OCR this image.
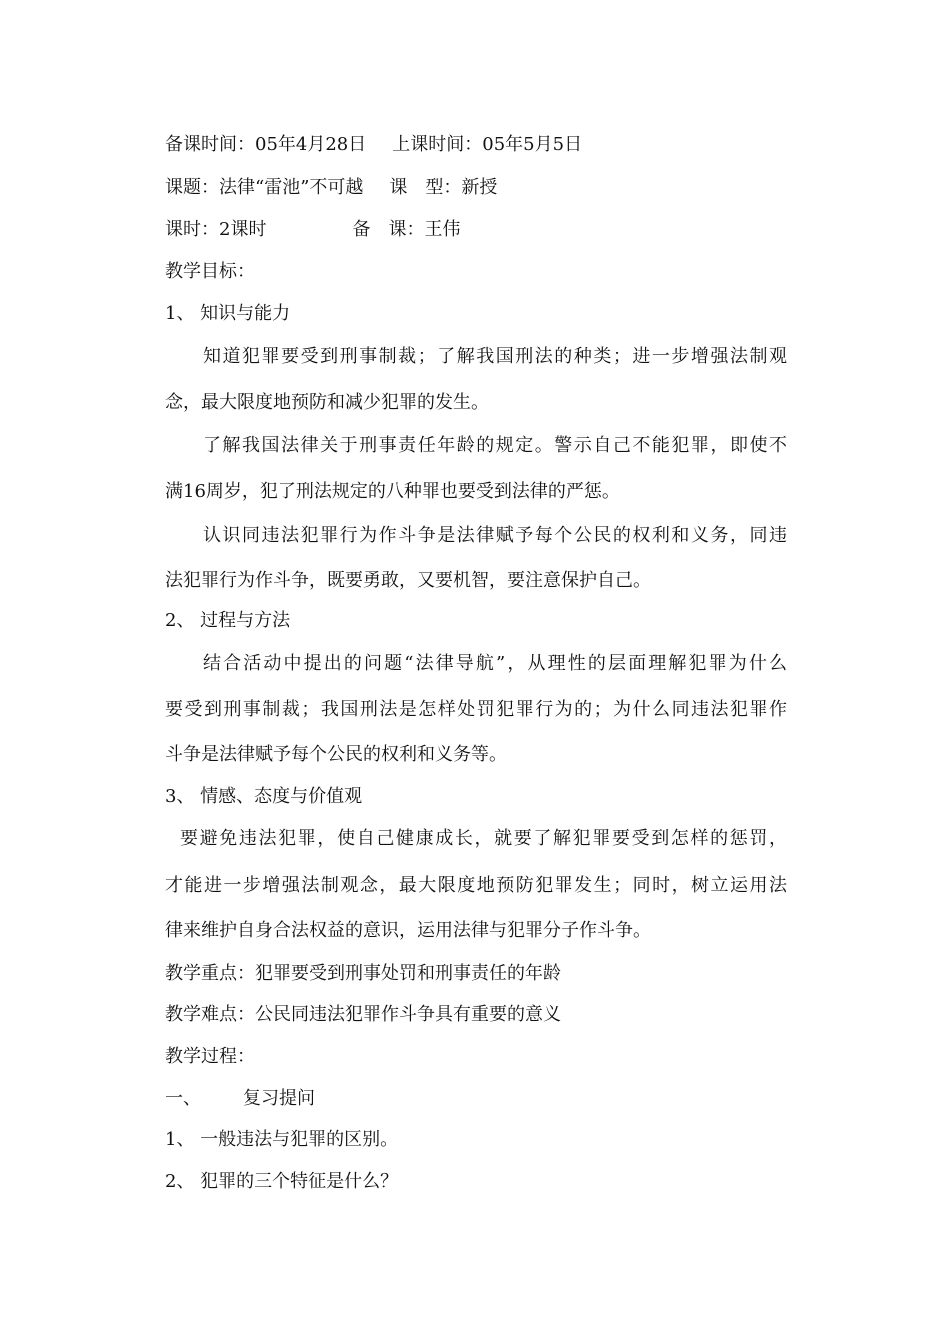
备课时间：05年4月28日 上课时间：05年5月5日
课题：法律“雷池”不可越 课　型：新授
课时：2课时	备　课：王伟
教学目标：
1、 知识与能力
知道犯罪要受到刑事制裁；了解我国刑法的种类；进一步增强法制观
念，最大限度地预防和减少犯罪的发生。
了解我国法律关于刑事责任年龄的规定。警示自己不能犯罪，即使不
满16周岁，犯了刑法规定的八种罪也要受到法律的严惩。
认识同违法犯罪行为作斗争是法律赋予每个公民的权利和义务，同违
法犯罪行为作斗争，既要勇敢，又要机智，要注意保护自己。
2、 过程与方法
结合活动中提出的问题“法律导航”，从理性的层面理解犯罪为什么
要受到刑事制裁；我国刑法是怎样处罚犯罪行为的；为什么同违法犯罪作
斗争是法律赋予每个公民的权利和义务等。
3、 情感、态度与价值观
要避免违法犯罪，使自己健康成长，就要了解犯罪要受到怎样的惩罚，
才能进一步增强法制观念，最大限度地预防犯罪发生；同时，树立运用法
律来维护自身合法权益的意识，运用法律与犯罪分子作斗争。
教学重点：犯罪要受到刑事处罚和刑事责任的年龄
教学难点：公民同违法犯罪作斗争具有重要的意义
教学过程：
一、 复习提问
1、 一般违法与犯罪的区别。
2、 犯罪的三个特征是什么？
